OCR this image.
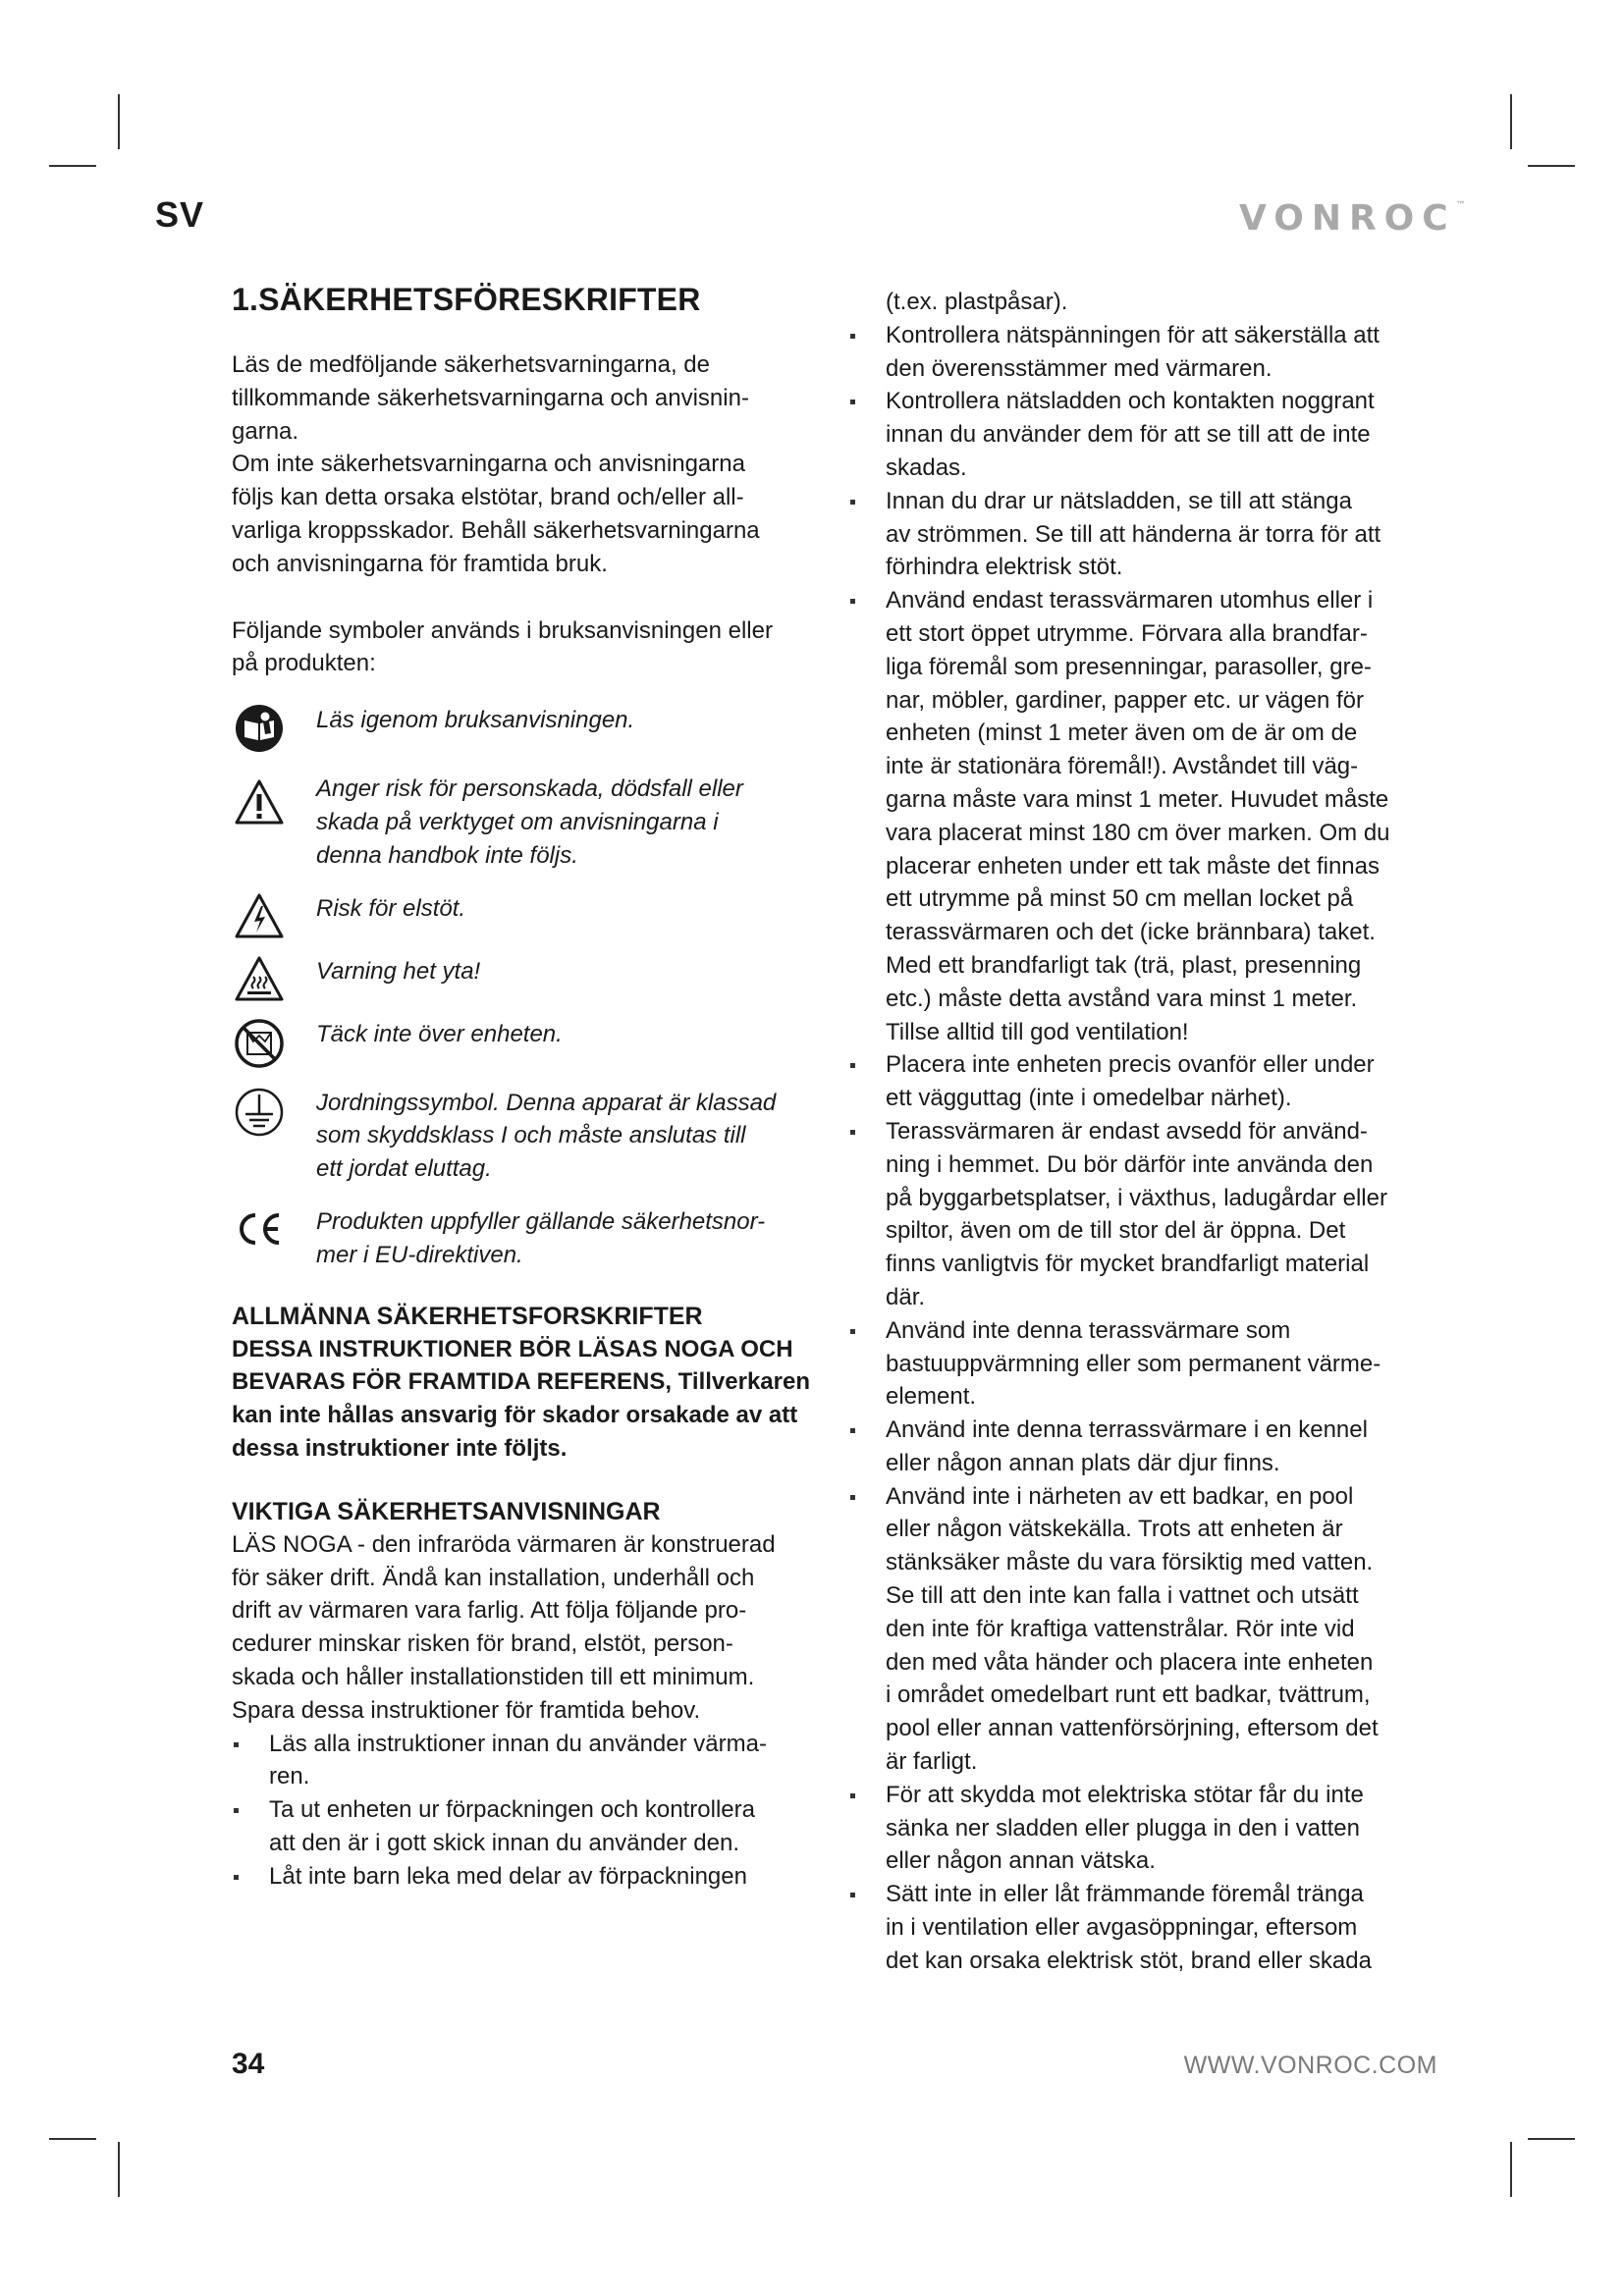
SV	VONROC™
1.SÄKERHETSFÖRESKRIFTER

Läs de medföljande säkerhetsvarningarna, de
tillkommande säkerhetsvarningarna och anvisnin-
garna.
Om inte säkerhetsvarningarna och anvisningarna
följs kan detta orsaka elstötar, brand och/eller all-
varliga kroppsskador. Behåll säkerhetsvarningarna
och anvisningarna för framtida bruk.

Följande symboler används i bruksanvisningen eller
på produkten:

Läs igenom bruksanvisningen.
Anger risk för personskada, dödsfall eller
skada på verktyget om anvisningarna i
denna handbok inte följs.
Risk för elstöt.
Varning het yta!
Täck inte över enheten.
Jordningssymbol. Denna apparat är klassad
som skyddsklass I och måste anslutas till
ett jordat eluttag.
Produkten uppfyller gällande säkerhetsnor-
mer i EU-direktiven.
ALLMÄNNA SÄKERHETSFORSKRIFTER

DESSA INSTRUKTIONER BÖR LÄSAS NOGA OCH
BEVARAS FÖR FRAMTIDA REFERENS, Tillverkaren
kan inte hållas ansvarig för skador orsakade av att
dessa instruktioner inte följts.

VIKTIGA SÄKERHETSANVISNINGAR

LÄS NOGA - den infraröda värmaren är konstruerad
för säker drift. Ändå kan installation, underhåll och
drift av värmaren vara farlig. Att följa följande pro-
cedurer minskar risken för brand, elstöt, person-
skada och håller installationstiden till ett minimum.
Spara dessa instruktioner för framtida behov.

Läs alla instruktioner innan du använder värma-
ren.
Ta ut enheten ur förpackningen och kontrollera
att den är i gott skick innan du använder den.
Låt inte barn leka med delar av förpackningen
(t.ex. plastpåsar).
Kontrollera nätspänningen för att säkerställa att
den överensstämmer med värmaren.
Kontrollera nätsladden och kontakten noggrant
innan du använder dem för att se till att de inte
skadas.
Innan du drar ur nätsladden, se till att stänga
av strömmen. Se till att händerna är torra för att
förhindra elektrisk stöt.
Använd endast terassvärmaren utomhus eller i
ett stort öppet utrymme. Förvara alla brandfar-
liga föremål som presenningar, parasoller, gre-
nar, möbler, gardiner, papper etc. ur vägen för
enheten (minst 1 meter även om de är om de
inte är stationära föremål!). Avståndet till väg-
garna måste vara minst 1 meter. Huvudet måste
vara placerat minst 180 cm över marken. Om du
placerar enheten under ett tak måste det finnas
ett utrymme på minst 50 cm mellan locket på
terassvärmaren och det (icke brännbara) taket.
Med ett brandfarligt tak (trä, plast, presenning
etc.) måste detta avstånd vara minst 1 meter.
Tillse alltid till god ventilation!
Placera inte enheten precis ovanför eller under
ett vägguttag (inte i omedelbar närhet).
Terassvärmaren är endast avsedd för använd-
ning i hemmet. Du bör därför inte använda den
på byggarbetsplatser, i växthus, ladugårdar eller
spiltor, även om de till stor del är öppna. Det
finns vanligtvis för mycket brandfarligt material
där.
Använd inte denna terassvärmare som
bastuuppvärmning eller som permanent värme-
element.
Använd inte denna terrassvärmare i en kennel
eller någon annan plats där djur finns.
Använd inte i närheten av ett badkar, en pool
eller någon vätskekälla. Trots att enheten är
stänksäker måste du vara försiktig med vatten.
Se till att den inte kan falla i vattnet och utsätt
den inte för kraftiga vattenstrålar. Rör inte vid
den med våta händer och placera inte enheten
i området omedelbart runt ett badkar, tvättrum,
pool eller annan vattenförsörjning, eftersom det
är farligt.
För att skydda mot elektriska stötar får du inte
sänka ner sladden eller plugga in den i vatten
eller någon annan vätska.
Sätt inte in eller låt främmande föremål tränga
in i ventilation eller avgasöppningar, eftersom
det kan orsaka elektrisk stöt, brand eller skada
34	WWW.VONROC.COM
